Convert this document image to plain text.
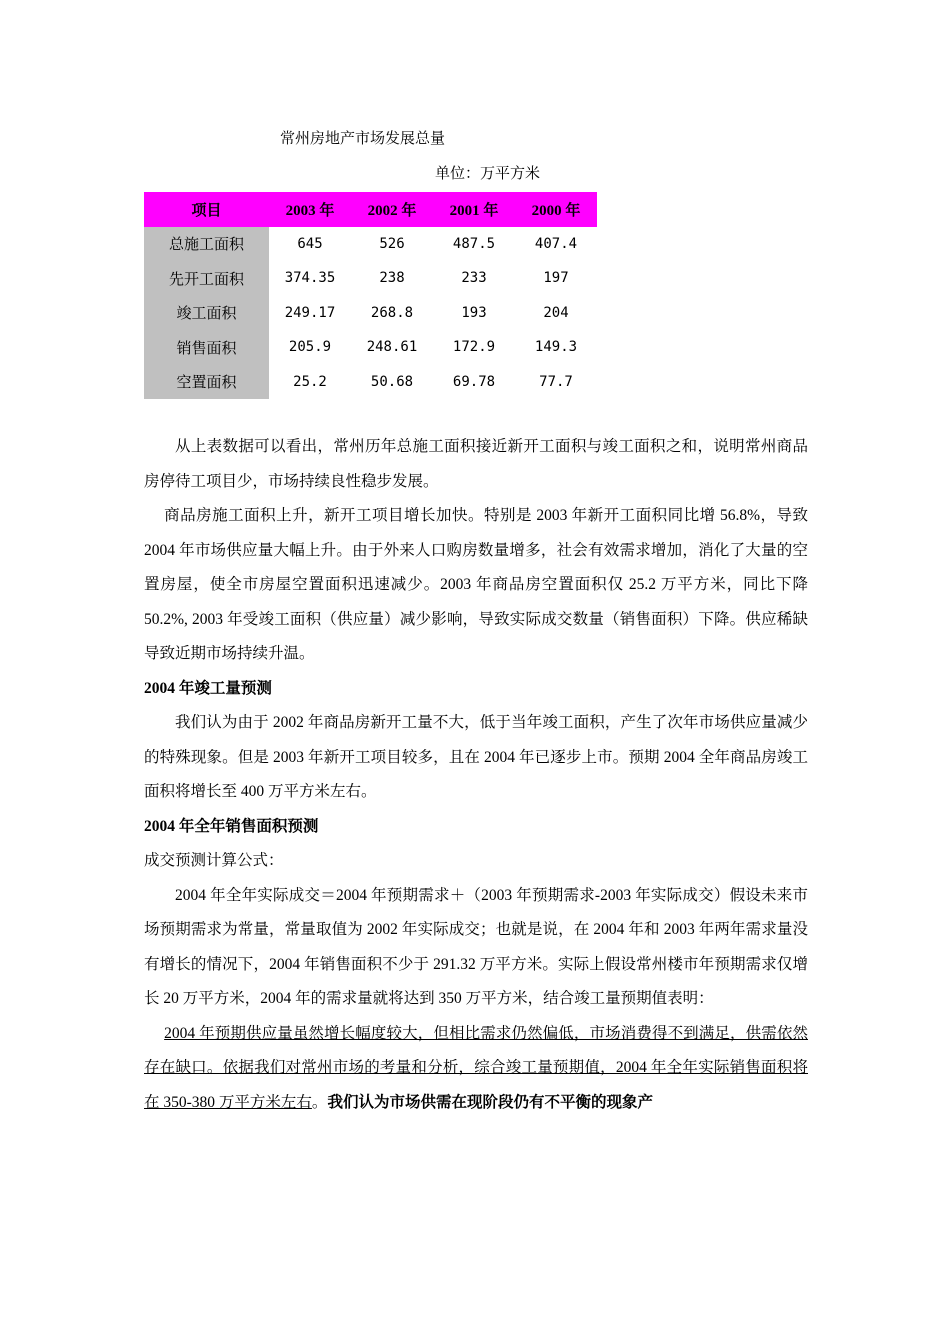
常州房地产市场发展总量
单位：万平方米
项目	2003 年	2002 年	2001 年	2000 年
总施工面积	645	526	487.5	407.4
先开工面积	374.35	238	233	197
竣工面积	249.17	268.8	193	204
销售面积	205.9	248.61	172.9	149.3
空置面积	25.2	50.68	69.78	77.7

从上表数据可以看出，常州历年总施工面积接近新开工面积与竣工面积之和，说明常州商品房停待工项目少，市场持续良性稳步发展。

商品房施工面积上升，新开工项目增长加快。特别是 2003 年新开工面积同比增 56.8%，导致 2004 年市场供应量大幅上升。由于外来人口购房数量增多，社会有效需求增加，消化了大量的空置房屋，使全市房屋空置面积迅速减少。2003 年商品房空置面积仅 25.2 万平方米，同比下降 50.2%, 2003 年受竣工面积（供应量）减少影响，导致实际成交数量（销售面积）下降。供应稀缺导致近期市场持续升温。

2004 年竣工量预测

我们认为由于 2002 年商品房新开工量不大，低于当年竣工面积，产生了次年市场供应量减少的特殊现象。但是 2003 年新开工项目较多，且在 2004 年已逐步上市。预期 2004 全年商品房竣工面积将增长至 400 万平方米左右。

2004 年全年销售面积预测

成交预测计算公式：

2004 年全年实际成交＝2004 年预期需求＋（2003 年预期需求-2003 年实际成交）假设未来市场预期需求为常量，常量取值为 2002 年实际成交；也就是说，在 2004 年和 2003 年两年需求量没有增长的情况下，2004 年销售面积不少于 291.32 万平方米。实际上假设常州楼市年预期需求仅增长 20 万平方米，2004 年的需求量就将达到 350 万平方米，结合竣工量预期值表明：

2004 年预期供应量虽然增长幅度较大，但相比需求仍然偏低，市场消费得不到满足，供需依然存在缺口。依据我们对常州市场的考量和分析，综合竣工量预期值，2004 年全年实际销售面积将在 350-380 万平方米左右。我们认为市场供需在现阶段仍有不平衡的现象产
